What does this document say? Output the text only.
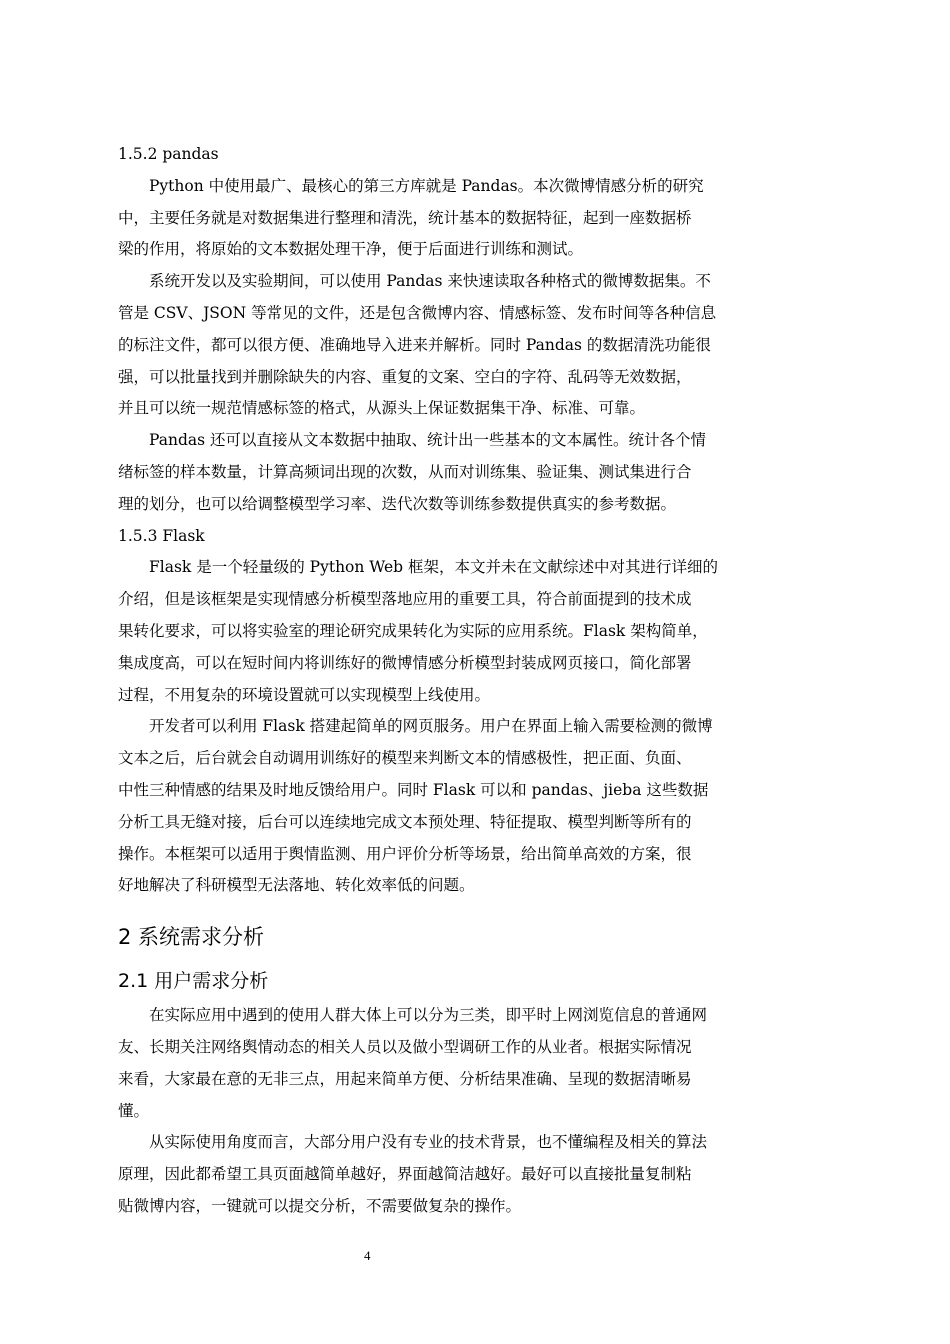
1.5.2 pandas
Python 中使用最广、最核心的第三方库就是 Pandas。本次微博情感分析的研究
中，主要任务就是对数据集进行整理和清洗，统计基本的数据特征，起到一座数据桥
梁的作用，将原始的文本数据处理干净，便于后面进行训练和测试。
系统开发以及实验期间，可以使用 Pandas 来快速读取各种格式的微博数据集。不
管是 CSV、JSON 等常见的文件，还是包含微博内容、情感标签、发布时间等各种信息
的标注文件，都可以很方便、准确地导入进来并解析。同时 Pandas 的数据清洗功能很
强，可以批量找到并删除缺失的内容、重复的文案、空白的字符、乱码等无效数据，
并且可以统一规范情感标签的格式，从源头上保证数据集干净、标准、可靠。
Pandas 还可以直接从文本数据中抽取、统计出一些基本的文本属性。统计各个情
绪标签的样本数量，计算高频词出现的次数，从而对训练集、验证集、测试集进行合
理的划分，也可以给调整模型学习率、迭代次数等训练参数提供真实的参考数据。
1.5.3 Flask
Flask 是一个轻量级的 Python Web 框架，本文并未在文献综述中对其进行详细的
介绍，但是该框架是实现情感分析模型落地应用的重要工具，符合前面提到的技术成
果转化要求，可以将实验室的理论研究成果转化为实际的应用系统。Flask 架构简单，
集成度高，可以在短时间内将训练好的微博情感分析模型封装成网页接口，简化部署
过程，不用复杂的环境设置就可以实现模型上线使用。
开发者可以利用 Flask 搭建起简单的网页服务。用户在界面上输入需要检测的微博
文本之后，后台就会自动调用训练好的模型来判断文本的情感极性，把正面、负面、
中性三种情感的结果及时地反馈给用户。同时 Flask 可以和 pandas、jieba 这些数据
分析工具无缝对接，后台可以连续地完成文本预处理、特征提取、模型判断等所有的
操作。本框架可以适用于舆情监测、用户评价分析等场景，给出简单高效的方案，很
好地解决了科研模型无法落地、转化效率低的问题。
2 系统需求分析
2.1 用户需求分析
在实际应用中遇到的使用人群大体上可以分为三类，即平时上网浏览信息的普通网
友、长期关注网络舆情动态的相关人员以及做小型调研工作的从业者。根据实际情况
来看，大家最在意的无非三点，用起来简单方便、分析结果准确、呈现的数据清晰易
懂。
从实际使用角度而言，大部分用户没有专业的技术背景，也不懂编程及相关的算法
原理，因此都希望工具页面越简单越好，界面越简洁越好。最好可以直接批量复制粘
贴微博内容，一键就可以提交分析，不需要做复杂的操作。
4
